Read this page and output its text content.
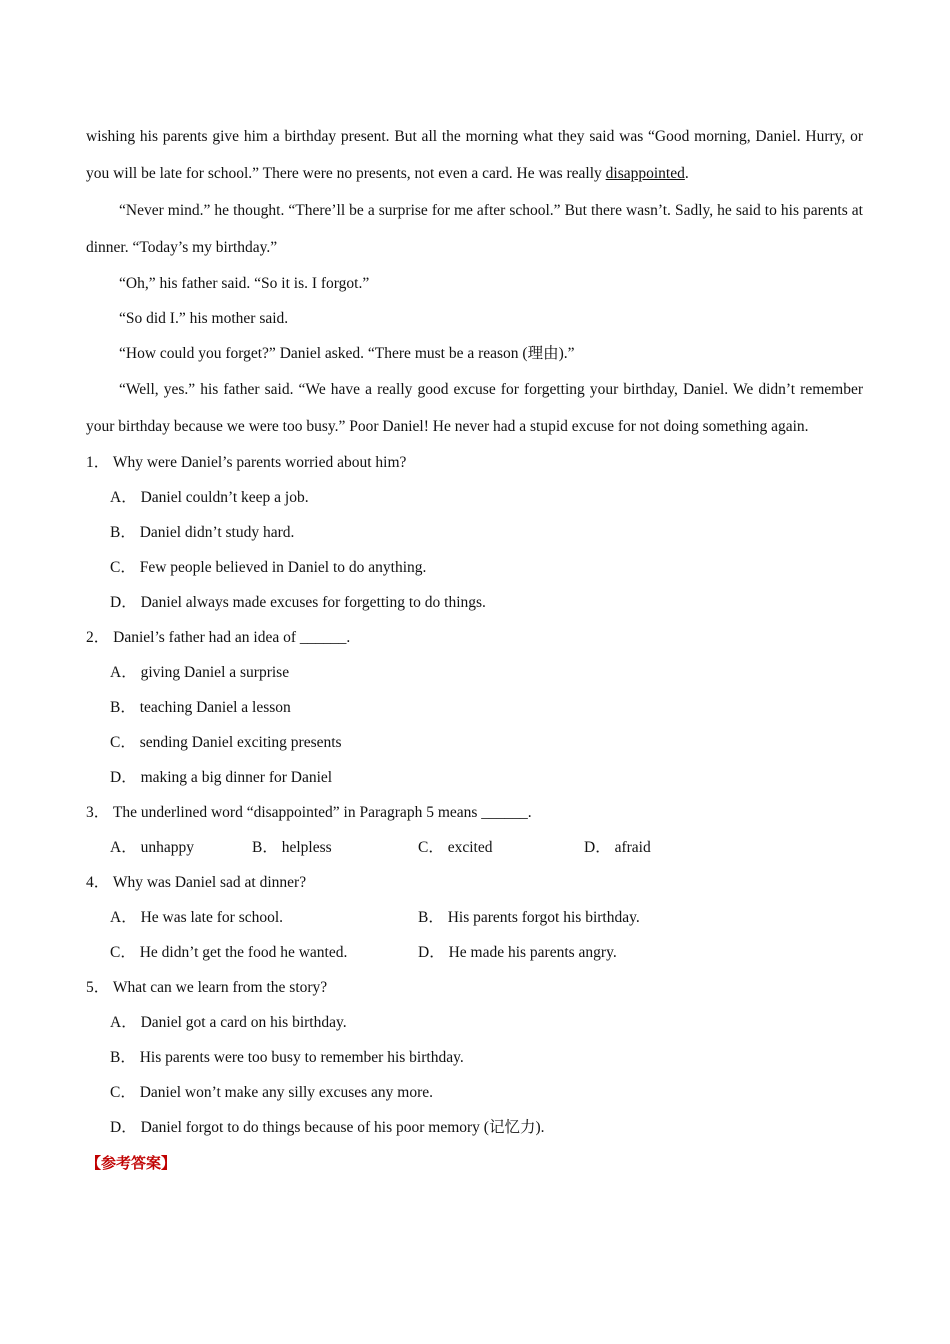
wishing his parents give him a birthday present. But all the morning what they said was “Good morning, Daniel. Hurry, or you will be late for school.” There were no presents, not even a card. He was really disappointed.

“Never mind.” he thought. “There’ll be a surprise for me after school.” But there wasn’t. Sadly, he said to his parents at dinner. “Today’s my birthday.”

“Oh,” his father said. “So it is. I forgot.”

“So did I.” his mother said.

“How could you forget?” Daniel asked. “There must be a reason (理由).”

“Well, yes.” his father said. “We have a really good excuse for forgetting your birthday, Daniel. We didn’t remember your birthday because we were too busy.” Poor Daniel! He never had a stupid excuse for not doing something again.

1． Why were Daniel’s parents worried about him?

A． Daniel couldn’t keep a job.

B． Daniel didn’t study hard.

C． Few people believed in Daniel to do anything.

D． Daniel always made excuses for forgetting to do things.

2． Daniel’s father had an idea of ______.

A． giving Daniel a surprise

B． teaching Daniel a lesson

C． sending Daniel exciting presents

D． making a big dinner for Daniel

3． The underlined word “disappointed” in Paragraph 5 means ______.

A． unhappy	B． helpless	C． excited	D． afraid

4． Why was Daniel sad at dinner?

A． He was late for school.	B． His parents forgot his birthday.
C． He didn’t get the food he wanted.	D． He made his parents angry.

5． What can we learn from the story?

A． Daniel got a card on his birthday.

B． His parents were too busy to remember his birthday.

C． Daniel won’t make any silly excuses any more.

D． Daniel forgot to do things because of his poor memory (记忆力).

【参考答案】
